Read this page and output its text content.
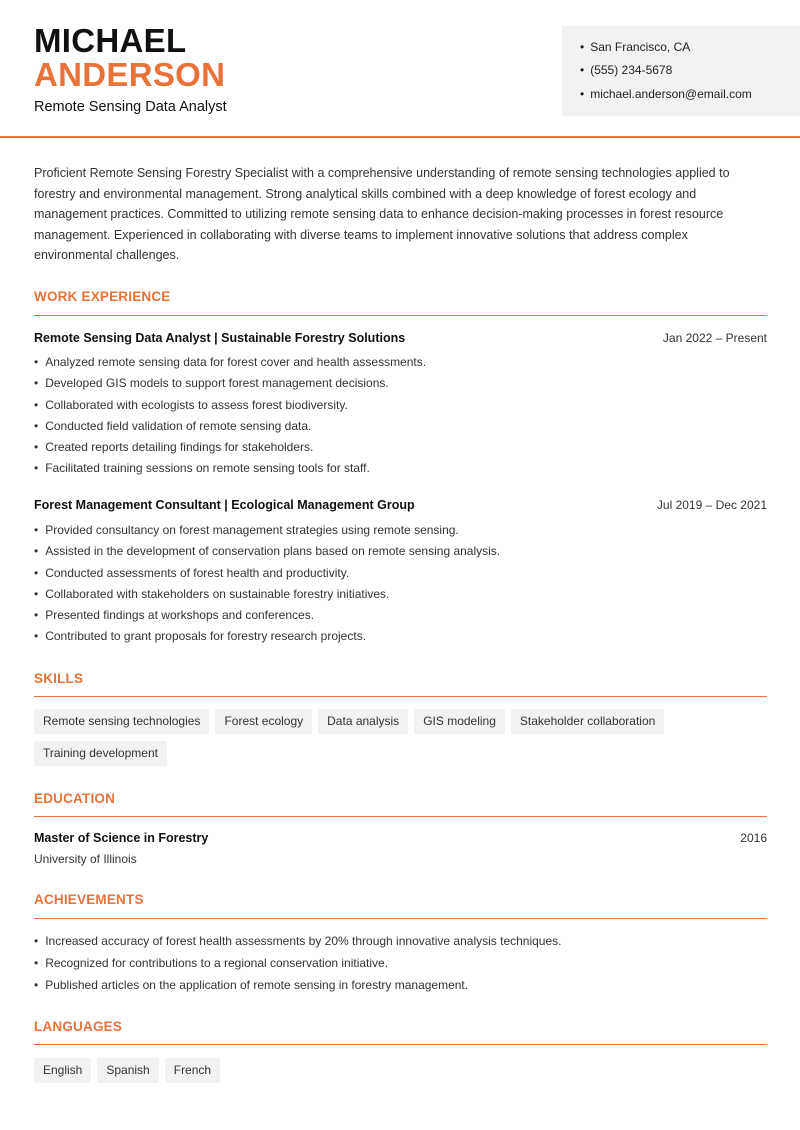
MICHAEL
ANDERSON
Remote Sensing Data Analyst
• San Francisco, CA
• (555) 234-5678
• michael.anderson@email.com
Proficient Remote Sensing Forestry Specialist with a comprehensive understanding of remote sensing technologies applied to forestry and environmental management. Strong analytical skills combined with a deep knowledge of forest ecology and management practices. Committed to utilizing remote sensing data to enhance decision-making processes in forest resource management. Experienced in collaborating with diverse teams to implement innovative solutions that address complex environmental challenges.
WORK EXPERIENCE
Remote Sensing Data Analyst | Sustainable Forestry Solutions	Jan 2022 – Present
• Analyzed remote sensing data for forest cover and health assessments.
• Developed GIS models to support forest management decisions.
• Collaborated with ecologists to assess forest biodiversity.
• Conducted field validation of remote sensing data.
• Created reports detailing findings for stakeholders.
• Facilitated training sessions on remote sensing tools for staff.
Forest Management Consultant | Ecological Management Group	Jul 2019 – Dec 2021
• Provided consultancy on forest management strategies using remote sensing.
• Assisted in the development of conservation plans based on remote sensing analysis.
• Conducted assessments of forest health and productivity.
• Collaborated with stakeholders on sustainable forestry initiatives.
• Presented findings at workshops and conferences.
• Contributed to grant proposals for forestry research projects.
SKILLS
Remote sensing technologies Forest ecology Data analysis GIS modeling Stakeholder collaborationTraining development
EDUCATION
Master of Science in Forestry	2016
University of Illinois
ACHIEVEMENTS
• Increased accuracy of forest health assessments by 20% through innovative analysis techniques.
• Recognized for contributions to a regional conservation initiative.
• Published articles on the application of remote sensing in forestry management.
LANGUAGES
English Spanish French
